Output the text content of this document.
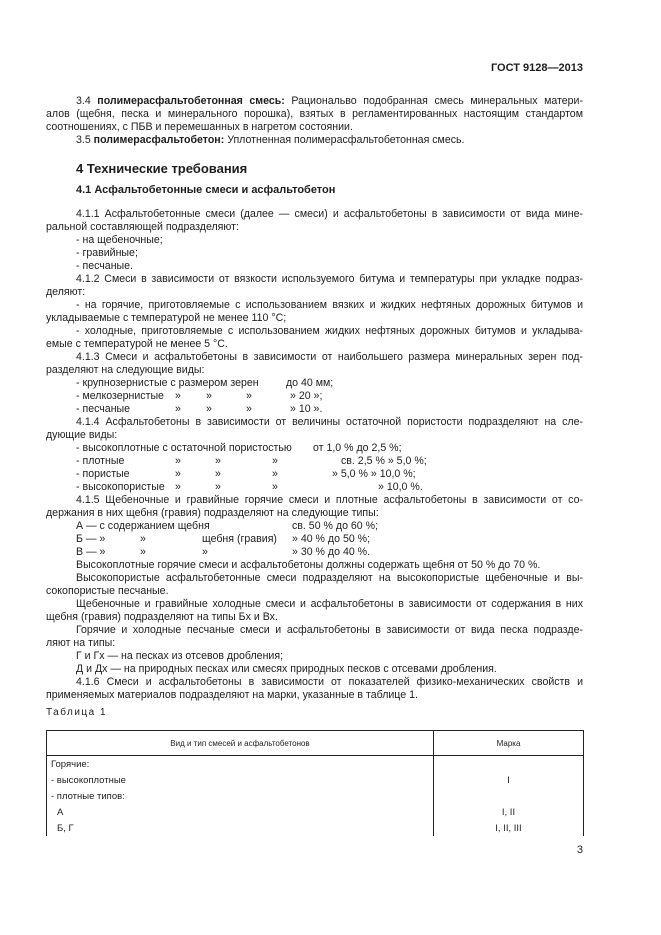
ГОСТ 9128—2013
3.4 полимерасфальтобетонная смесь: Рациональво подобранная смесь минеральных матери-
алов (щебня, песка и минерального порошка), взятых в регламентированных настоящим стандартом
соотношениях, с ПБВ и перемешанных в нагретом состоянии.
3.5 полимерасфальтобетон: Уплотненная полимерасфальтобетонная смесь.
4 Технические требования
4.1 Асфальтобетонные смеси и асфальтобетон
4.1.1 Асфальтобетонные смеси (далее — смеси) и асфальтобетоны в зависимости от вида мине-
ральной составляющей подразделяют:
- на щебеночные;
- гравийные;
- песчаные.
4.1.2 Смеси в зависимости от вязкости используемого битума и температуры при укладке подраз-
деляют:
- на горячие, приготовляемые с использованием вязких и жидких нефтяных дорожных битумов и
укладываемые с температурой не менее 110 °С;
- холодные, приготовляемые с использованием жидких нефтяных дорожных битумов и укладыва-
емые с температурой не менее 5 °С.
4.1.3 Смеси и асфальтобетоны в зависимости от наибольшего размера минеральных зерен под-
разделяют на следующие виды:
- крупнозернистые с размером зерен	до 40 мм;
- мелкозернистые » »	»	» 20 »;
- песчаные	» »	»	» 10 ».
4.1.4 Асфальтобетоны в зависимости от величины остаточной пористости подразделяют на сле-
дующие виды:
- высокоплотные с остаточной пористостью от 1,0 % до 2,5 %;
- плотные	»	»	»	св. 2,5 % » 5,0 %;
- пористые	»	»	»	» 5,0 % » 10,0 %;
- высокопористые »	»	»	» 10,0 %.
4.1.5 Щебеночные и гравийные горячие смеси и плотные асфальтобетоны в зависимости от со-
держания в них щебня (гравия) подразделяют на следующие типы:
А — с содержанием щебня	св. 50 % до 60 %;
Б — »	»	щебня (гравия) » 40 % до 50 %;
В — »	»	»	» 30 % до 40 %.
Высокоплотные горячие смеси и асфальтобетоны должны содержать щебня от 50 % до 70 %.
Высокопористые асфальтобетонные смеси подразделяют на высокопористые щебеночные и вы-
сокопористые песчаные.
Щебеночные и гравийные холодные смеси и асфальтобетоны в зависимости от содержания в них
щебня (гравия) подразделяют на типы Бх и Вх.
Горячие и холодные песчаные смеси и асфальтобетоны в зависимости от вида песка подразде-
ляют на типы:
Г и Гх — на песках из отсевов дробления;
Д и Дх — на природных песках или смесях природных песков с отсевами дробления.
4.1.6 Смеси и асфальтобетоны в зависимости от показателей физико-механических свойств и
применяемых материалов подразделяют на марки, указанные в таблице 1.
Таблица 1
Вид и тип смесей и асфальтобетонов	Марка
Горячие:	
- высокоплотные	I
- плотные типов:	
А	I, II
Б, Г	I, II, III
3
